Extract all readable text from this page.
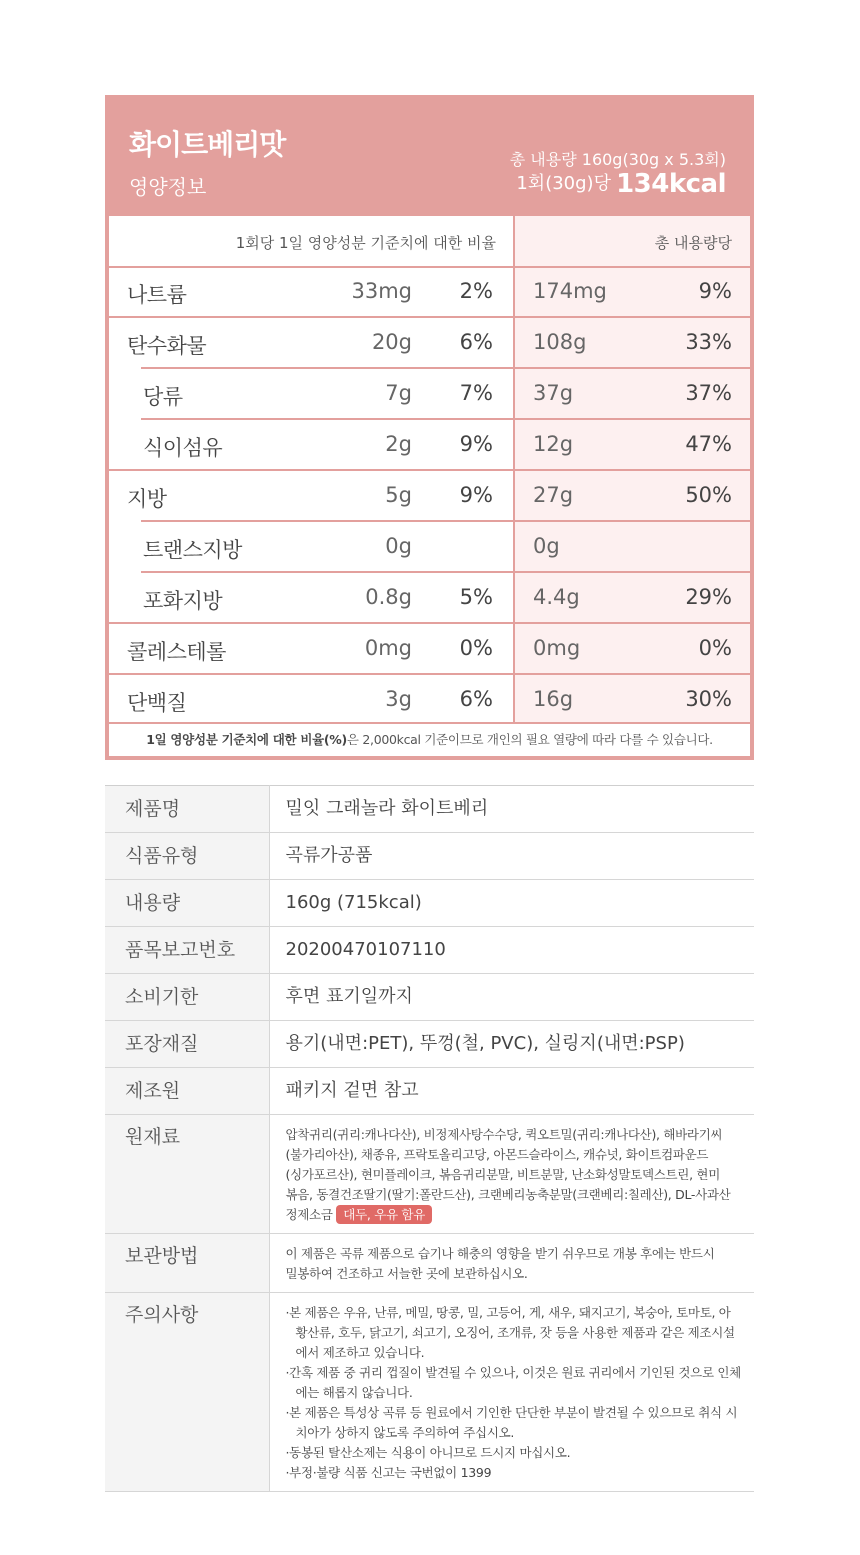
화이트베리맛
영양정보
총 내용량 160g(30g x 5.3회)
1회(30g)당 134kcal
1회당 1일 영양성분 기준치에 대한 비율	총 내용량당
나트륨	33mg 2% 174mg	9%
탄수화물	20g 6% 108g	33%
당류	7g 7% 37g	37%
식이섬유	2g 9% 12g	47%
지방	5g 9% 27g	50%
트랜스지방	0g	0g
포화지방	0.8g 5% 4.4g	29%
콜레스테롤	0mg 0% 0mg	0%
단백질	3g 6% 16g	30%
1일 영양성분 기준치에 대한 비율(%)은 2,000kcal 기준이므로 개인의 필요 열량에 따라 다를 수 있습니다.
제품명	밀잇 그래놀라 화이트베리
식품유형	곡류가공품
내용량	160g (715kcal)
품목보고번호	20200470107110
소비기한	후면 표기일까지
포장재질	용기(내면:PET), 뚜껑(철, PVC), 실링지(내면:PSP)
제조원	패키지 겉면 참고
원재료	압착귀리(귀리:캐나다산), 비정제사탕수수당, 퀵오트밀(귀리:캐나다산), 해바라기씨
(불가리아산), 채종유, 프락토올리고당, 아몬드슬라이스, 캐슈넛, 화이트컴파운드
(싱가포르산), 현미플레이크, 볶음귀리분말, 비트분말, 난소화성말토덱스트린, 현미
볶음, 동결건조딸기(딸기:폴란드산), 크랜베리농축분말(크랜베리:칠레산), DL-사과산
정제소금 대두, 우유 함유

보관방법	이 제품은 곡류 제품으로 습기나 해충의 영향을 받기 쉬우므로 개봉 후에는 반드시
밀봉하여 건조하고 서늘한 곳에 보관하십시오.

주의사항	·본 제품은 우유, 난류, 메밀, 땅콩, 밀, 고등어, 게, 새우, 돼지고기, 복숭아, 토마토, 아황산류, 호두, 닭고기, 쇠고기, 오징어, 조개류, 잣 등을 사용한 제품과 같은 제조시설에서 제조하고 있습니다.
·간혹 제품 중 귀리 껍질이 발견될 수 있으나, 이것은 원료 귀리에서 기인된 것으로 인체에는 해롭지 않습니다.
·본 제품은 특성상 곡류 등 원료에서 기인한 단단한 부분이 발견될 수 있으므로 취식 시 치아가 상하지 않도록 주의하여 주십시오.
·동봉된 탈산소제는 식용이 아니므로 드시지 마십시오.
·부정·불량 식품 신고는 국번없이 1399
